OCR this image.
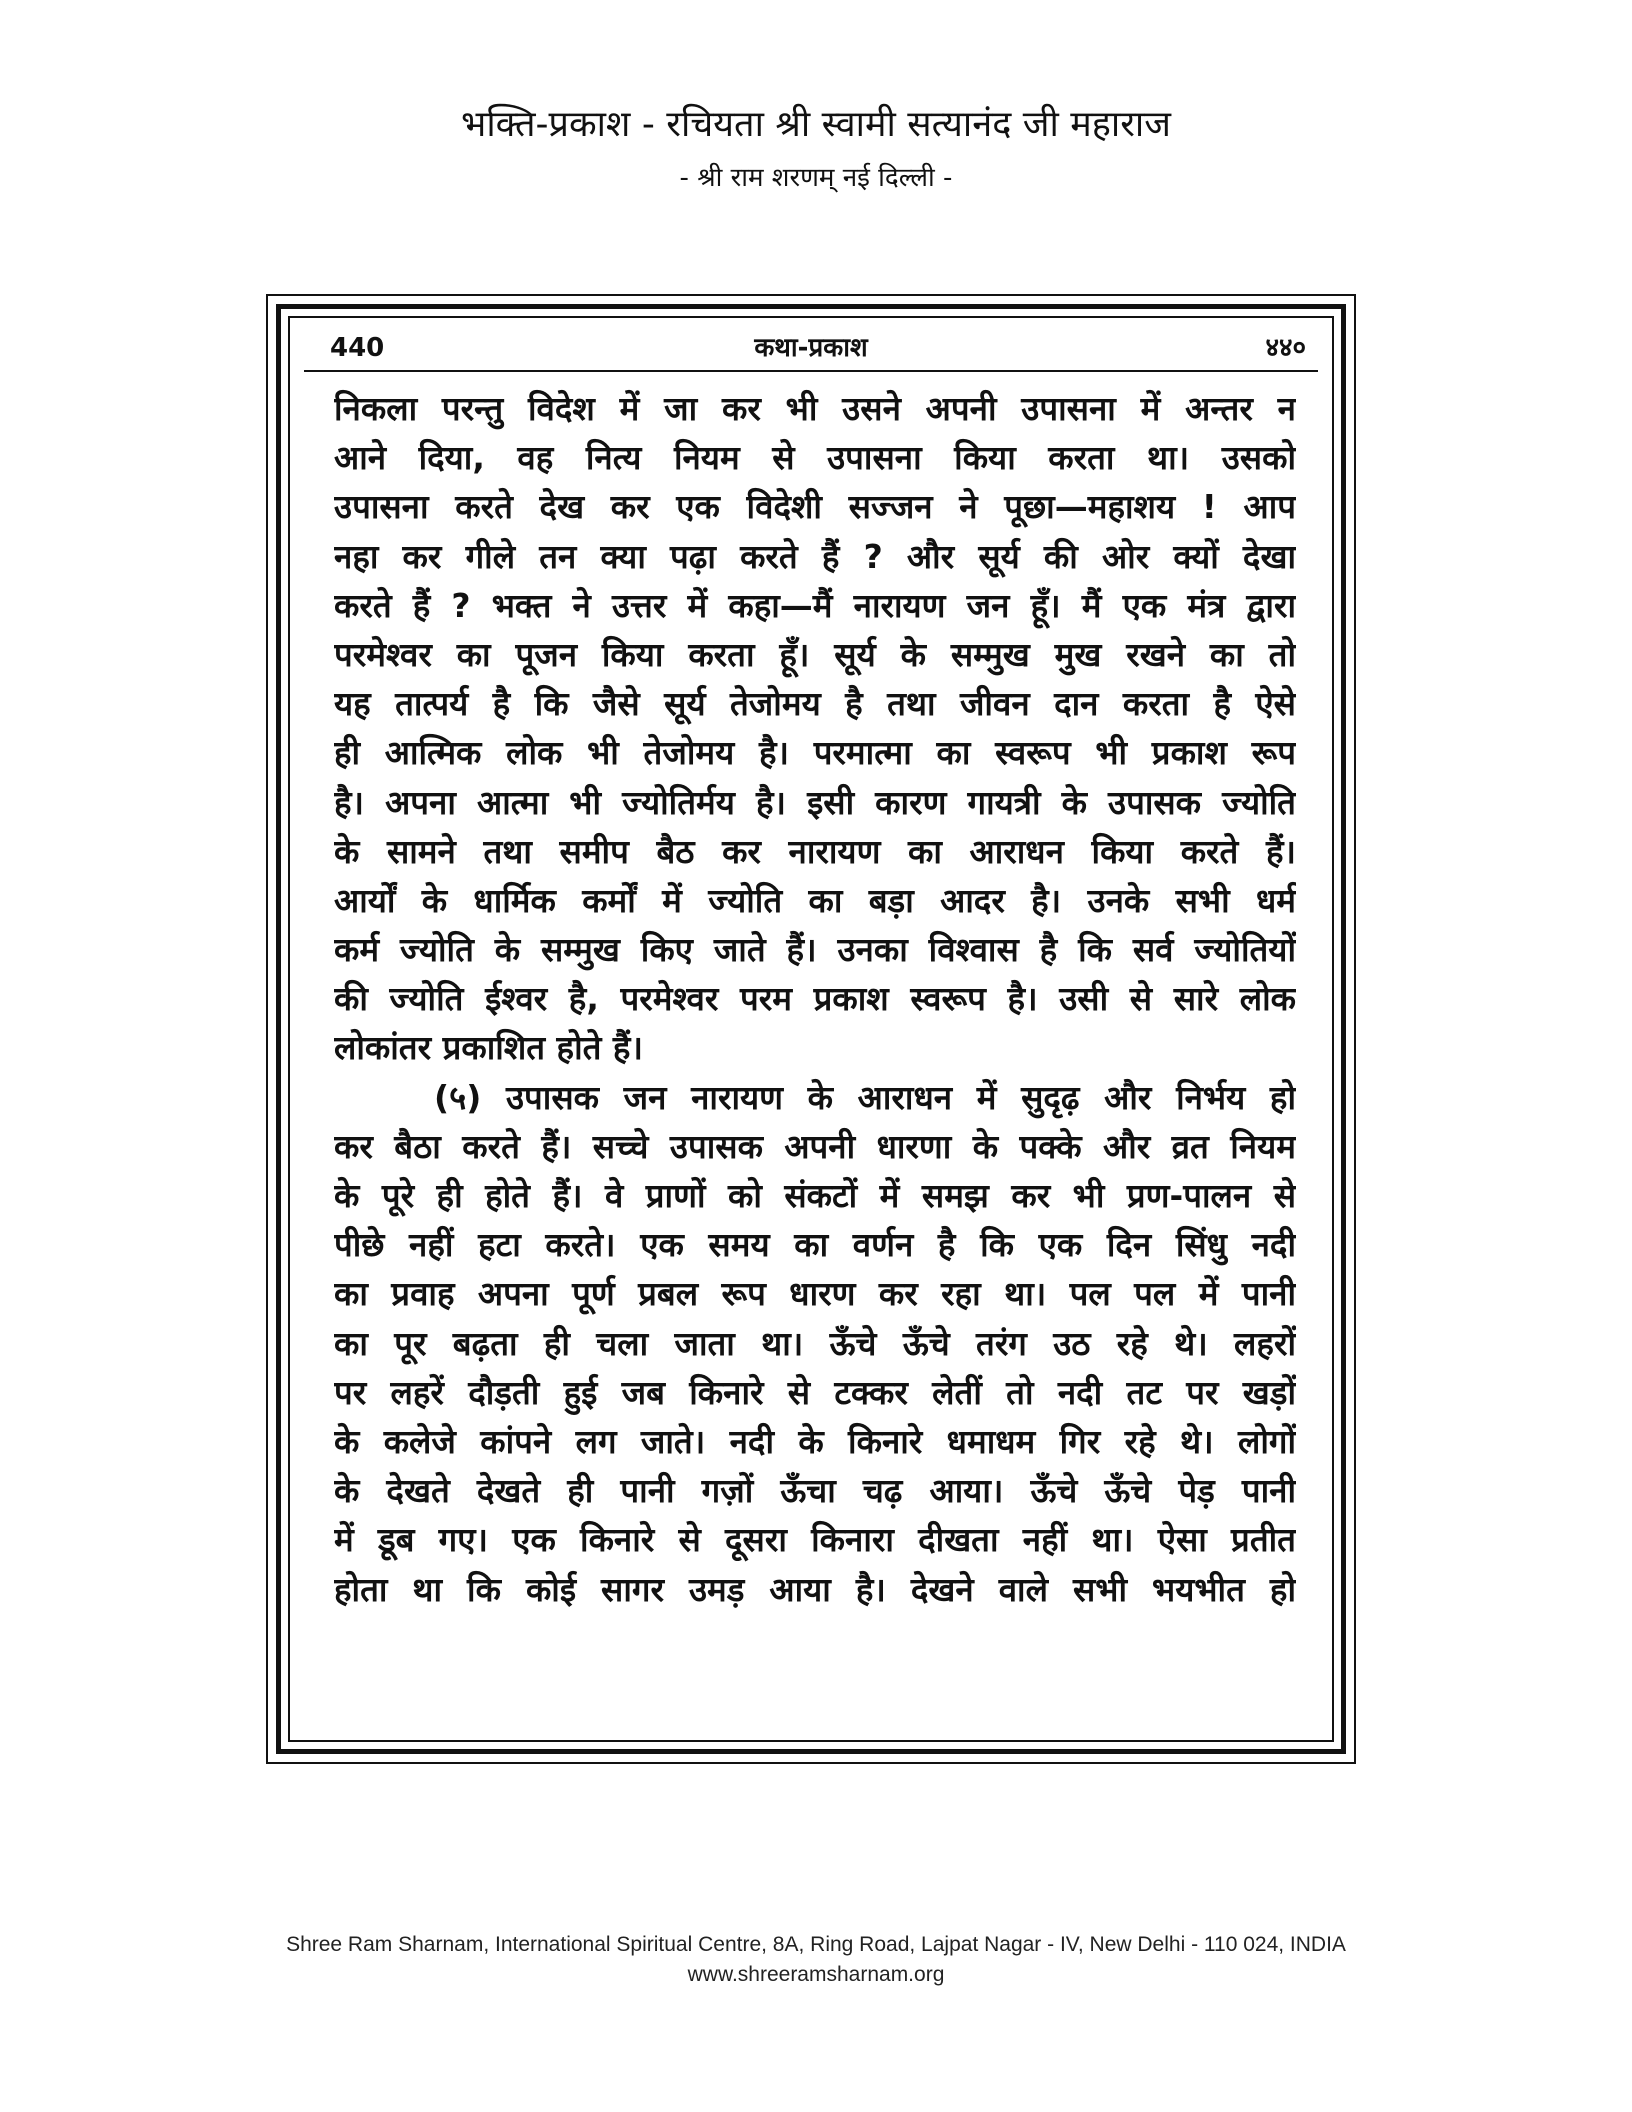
भक्ति-प्रकाश - रचियता श्री स्वामी सत्यानंद जी महाराज
- श्री राम शरणम् नई दिल्ली -
440	कथा-प्रकाश	४४०
निकला परन्तु विदेश में जा कर भी उसने अपनी उपासना में अन्तर न
आने दिया, वह नित्य नियम से उपासना किया करता था। उसको
उपासना करते देख कर एक विदेशी सज्जन ने पूछा—महाशय ! आप
नहा कर गीले तन क्या पढ़ा करते हैं ? और सूर्य की ओर क्यों देखा
करते हैं ? भक्त ने उत्तर में कहा—मैं नारायण जन हूँ। मैं एक मंत्र द्वारा
परमेश्वर का पूजन किया करता हूँ। सूर्य के सम्मुख मुख रखने का तो
यह तात्पर्य है कि जैसे सूर्य तेजोमय है तथा जीवन दान करता है ऐसे
ही आत्मिक लोक भी तेजोमय है। परमात्मा का स्वरूप भी प्रकाश रूप
है। अपना आत्मा भी ज्योतिर्मय है। इसी कारण गायत्री के उपासक ज्योति
के सामने तथा समीप बैठ कर नारायण का आराधन किया करते हैं।
आर्यों के धार्मिक कर्मों में ज्योति का बड़ा आदर है। उनके सभी धर्म
कर्म ज्योति के सम्मुख किए जाते हैं। उनका विश्वास है कि सर्व ज्योतियों
की ज्योति ईश्वर है, परमेश्वर परम प्रकाश स्वरूप है। उसी से सारे लोक
लोकांतर प्रकाशित होते हैं।
(५) उपासक जन नारायण के आराधन में सुदृढ़ और निर्भय हो
कर बैठा करते हैं। सच्चे उपासक अपनी धारणा के पक्के और व्रत नियम
के पूरे ही होते हैं। वे प्राणों को संकटों में समझ कर भी प्रण-पालन से
पीछे नहीं हटा करते। एक समय का वर्णन है कि एक दिन सिंधु नदी
का प्रवाह अपना पूर्ण प्रबल रूप धारण कर रहा था। पल पल में पानी
का पूर बढ़ता ही चला जाता था। ऊँचे ऊँचे तरंग उठ रहे थे। लहरों
पर लहरें दौड़ती हुई जब किनारे से टक्कर लेतीं तो नदी तट पर खड़ों
के कलेजे कांपने लग जाते। नदी के किनारे धमाधम गिर रहे थे। लोगों
के देखते देखते ही पानी गज़ों ऊँचा चढ़ आया। ऊँचे ऊँचे पेड़ पानी
में डूब गए। एक किनारे से दूसरा किनारा दीखता नहीं था। ऐसा प्रतीत
होता था कि कोई सागर उमड़ आया है। देखने वाले सभी भयभीत हो
Shree Ram Sharnam, International Spiritual Centre, 8A, Ring Road, Lajpat Nagar - IV, New Delhi - 110 024, INDIA
www.shreeramsharnam.org
